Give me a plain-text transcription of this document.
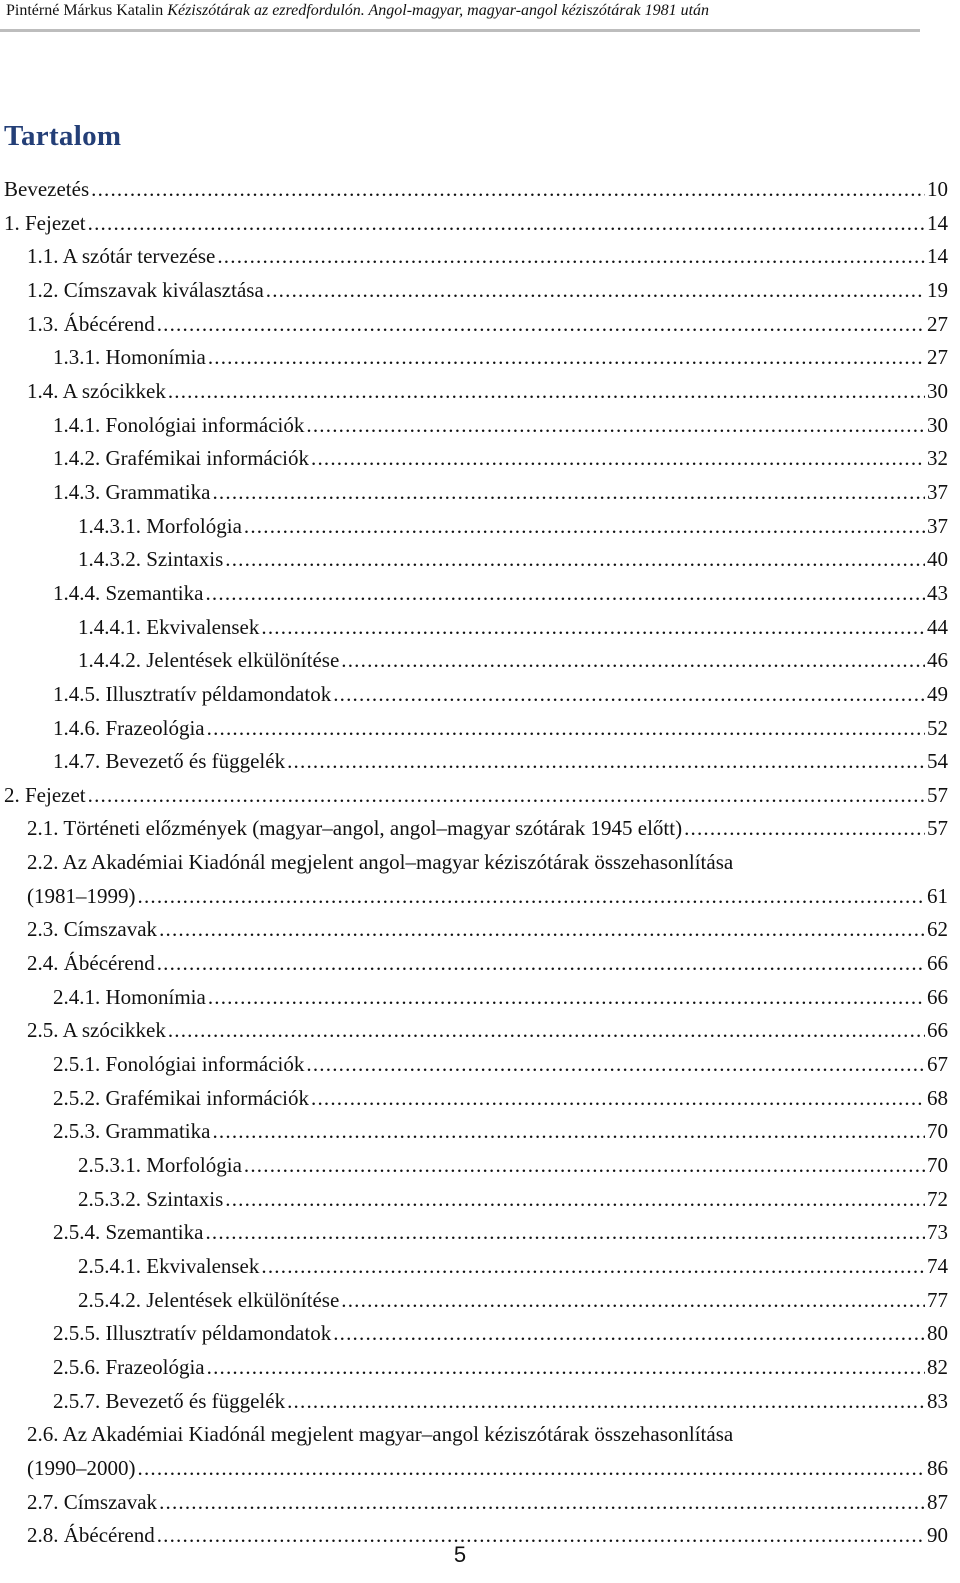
Pintérné Márkus Katalin Kéziszótárak az ezredfordulón. Angol-magyar, magyar-angol kéziszótárak 1981 után
Tartalom
Bevezetés .....	10
1. Fejezet .....	14
1.1. A szótár tervezése .....	14
1.2. Címszavak kiválasztása .....	19
1.3. Ábécérend .....	27
1.3.1. Homonímia .....	27
1.4. A szócikkek .....	30
1.4.1. Fonológiai információk .....	30
1.4.2. Grafémikai információk .....	32
1.4.3. Grammatika .....	37
1.4.3.1. Morfológia .....	37
1.4.3.2. Szintaxis .....	40
1.4.4. Szemantika .....	43
1.4.4.1. Ekvivalensek .....	44
1.4.4.2. Jelentések elkülönítése .....	46
1.4.5. Illusztratív példamondatok .....	49
1.4.6. Frazeológia .....	52
1.4.7. Bevezető és függelék .....	54
2. Fejezet .....	57
2.1. Történeti előzmények (magyar–angol, angol–magyar szótárak 1945 előtt) .....	57
2.2. Az Akadémiai Kiadónál megjelent angol–magyar kéziszótárak összehasonlítása
(1981–1999) .....	61
2.3. Címszavak .....	62
2.4. Ábécérend .....	66
2.4.1. Homonímia .....	66
2.5. A szócikkek .....	66
2.5.1. Fonológiai információk .....	67
2.5.2. Grafémikai információk .....	68
2.5.3. Grammatika .....	70
2.5.3.1. Morfológia .....	70
2.5.3.2. Szintaxis .....	72
2.5.4. Szemantika .....	73
2.5.4.1. Ekvivalensek .....	74
2.5.4.2. Jelentések elkülönítése .....	77
2.5.5. Illusztratív példamondatok .....	80
2.5.6. Frazeológia .....	82
2.5.7. Bevezető és függelék .....	83
2.6. Az Akadémiai Kiadónál megjelent magyar–angol kéziszótárak összehasonlítása
(1990–2000) .....	86
2.7. Címszavak .....	87
2.8. Ábécérend .....	90
5
